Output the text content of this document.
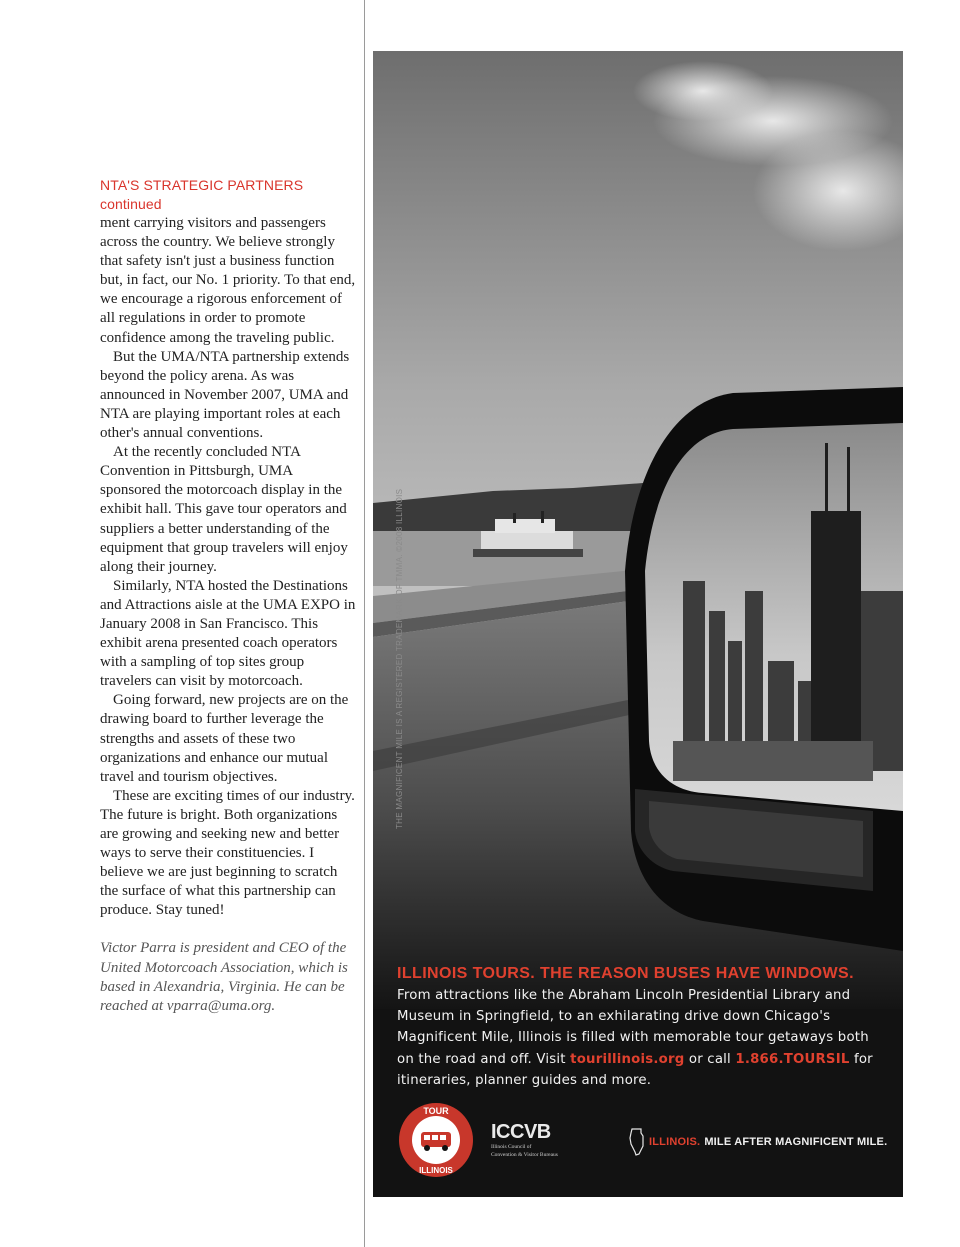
NTA'S STRATEGIC PARTNERS
continued

ment carrying visitors and passengers across the country. We believe strongly that safety isn't just a business function but, in fact, our No. 1 priority. To that end, we encourage a rigorous enforcement of all regulations in order to promote confidence among the traveling public.

But the UMA/NTA partnership extends beyond the policy arena. As was announced in November 2007, UMA and NTA are playing important roles at each other's annual conventions.

At the recently concluded NTA Convention in Pittsburgh, UMA sponsored the motorcoach display in the exhibit hall. This gave tour operators and suppliers a better understanding of the equipment that group travelers will enjoy along their journey.

Similarly, NTA hosted the Destinations and Attractions aisle at the UMA EXPO in January 2008 in San Francisco. This exhibit arena presented coach operators with a sampling of top sites group travelers can visit by motorcoach.

Going forward, new projects are on the drawing board to further leverage the strengths and assets of these two organizations and enhance our mutual travel and tourism objectives.

These are exciting times of our industry. The future is bright. Both organizations are growing and seeking new and better ways to serve their constituencies. I believe we are just beginning to scratch the surface of what this partnership can produce. Stay tuned!

Victor Parra is president and CEO of the United Motorcoach Association, which is based in Alexandria, Virginia. He can be reached at vparra@uma.org.
THE MAGNIFICENT MILE IS A REGISTERED TRADEMARK OF TMMA. ©2008 ILLINOIS
ILLINOIS TOURS. THE REASON BUSES HAVE WINDOWS.
From attractions like the Abraham Lincoln Presidential Library and Museum in Springfield, to an exhilarating drive down Chicago's Magnificent Mile, Illinois is filled with memorable tour getaways both on the road and off. Visit tourillinois.org or call 1.866.TOURSIL for itineraries, planner guides and more.
TOUR
ILLINOIS
ICCVB
Illinois Council of
Convention & Visitor Bureaus
ILLINOIS. MILE AFTER MAGNIFICENT MILE.
